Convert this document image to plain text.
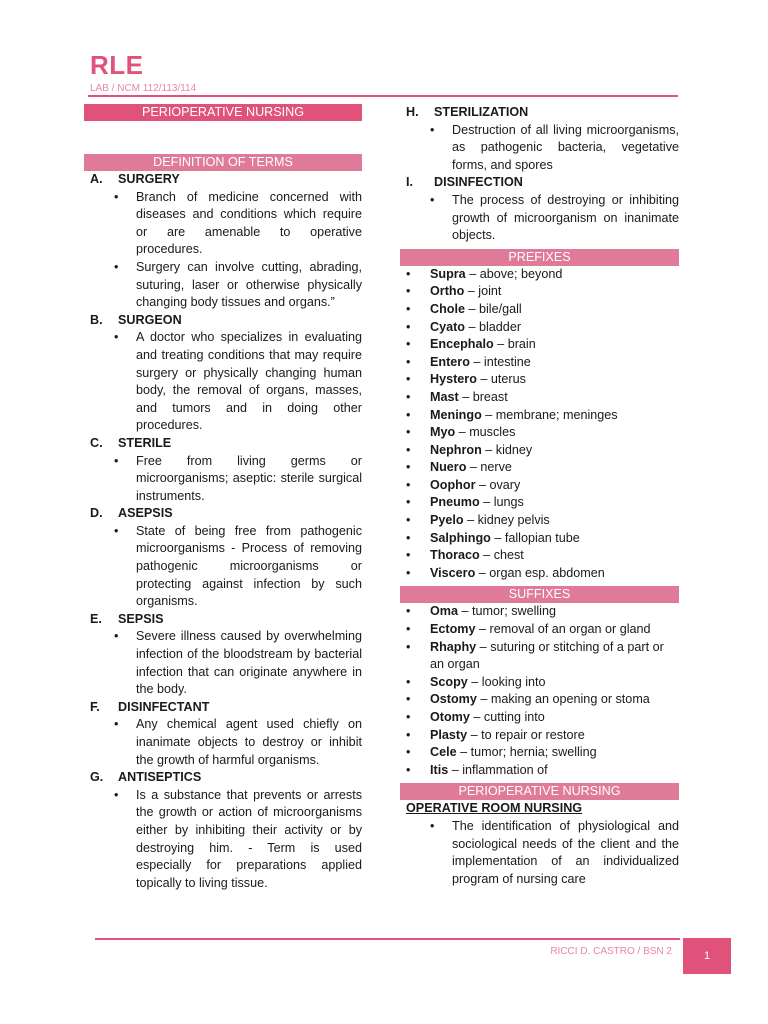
RLE
LAB / NCM 112/113/114
PERIOPERATIVE NURSING
DEFINITION OF TERMS
A.	SURGERY
•	Branch of medicine concerned with diseases and conditions which require or are amenable to operative procedures.
•	Surgery can involve cutting, abrading, suturing, laser or otherwise physically changing body tissues and organs.”
B.	SURGEON
•	A doctor who specializes in evaluating and treating conditions that may require surgery or physically changing human body, the removal of organs, masses, and tumors and in doing other procedures.
C.	STERILE
•	Free from living germs or microorganisms; aseptic: sterile surgical instruments.
D.	ASEPSIS
•	State of being free from pathogenic microorganisms - Process of removing pathogenic microorganisms or protecting against infection by such organisms.
E.	SEPSIS
•	Severe illness caused by overwhelming infection of the bloodstream by bacterial infection that can originate anywhere in the body.
F.	DISINFECTANT
•	Any chemical agent used chiefly on inanimate objects to destroy or inhibit the growth of harmful organisms.
G.	ANTISEPTICS
•	Is a substance that prevents or arrests the growth or action of microorganisms either by inhibiting their activity or by destroying him. - Term is used especially for preparations applied topically to living tissue.
H.	STERILIZATION
•	Destruction of all living microorganisms, as pathogenic bacteria, vegetative forms, and spores
I.	DISINFECTION
•	The process of destroying or inhibiting growth of microorganism on inanimate objects.
PREFIXES
•	Supra – above; beyond
•	Ortho – joint
•	Chole – bile/gall
•	Cyato – bladder
•	Encephalo – brain
•	Entero – intestine
•	Hystero – uterus
•	Mast – breast
•	Meningo – membrane; meninges
•	Myo – muscles
•	Nephron – kidney
•	Nuero – nerve
•	Oophor – ovary
•	Pneumo – lungs
•	Pyelo – kidney pelvis
•	Salphingo – fallopian tube
•	Thoraco – chest
•	Viscero – organ esp. abdomen
SUFFIXES
•	Oma – tumor; swelling
•	Ectomy – removal of an organ or gland
•	Rhaphy – suturing or stitching of a part or an organ
•	Scopy – looking into
•	Ostomy – making an opening or stoma
•	Otomy – cutting into
•	Plasty – to repair or restore
•	Cele – tumor; hernia; swelling
•	Itis – inflammation of
PERIOPERATIVE NURSING
OPERATIVE ROOM NURSING
•	The identification of physiological and sociological needs of the client and the implementation of an individualized program of nursing care
RICCI D. CASTRO / BSN 2	1
